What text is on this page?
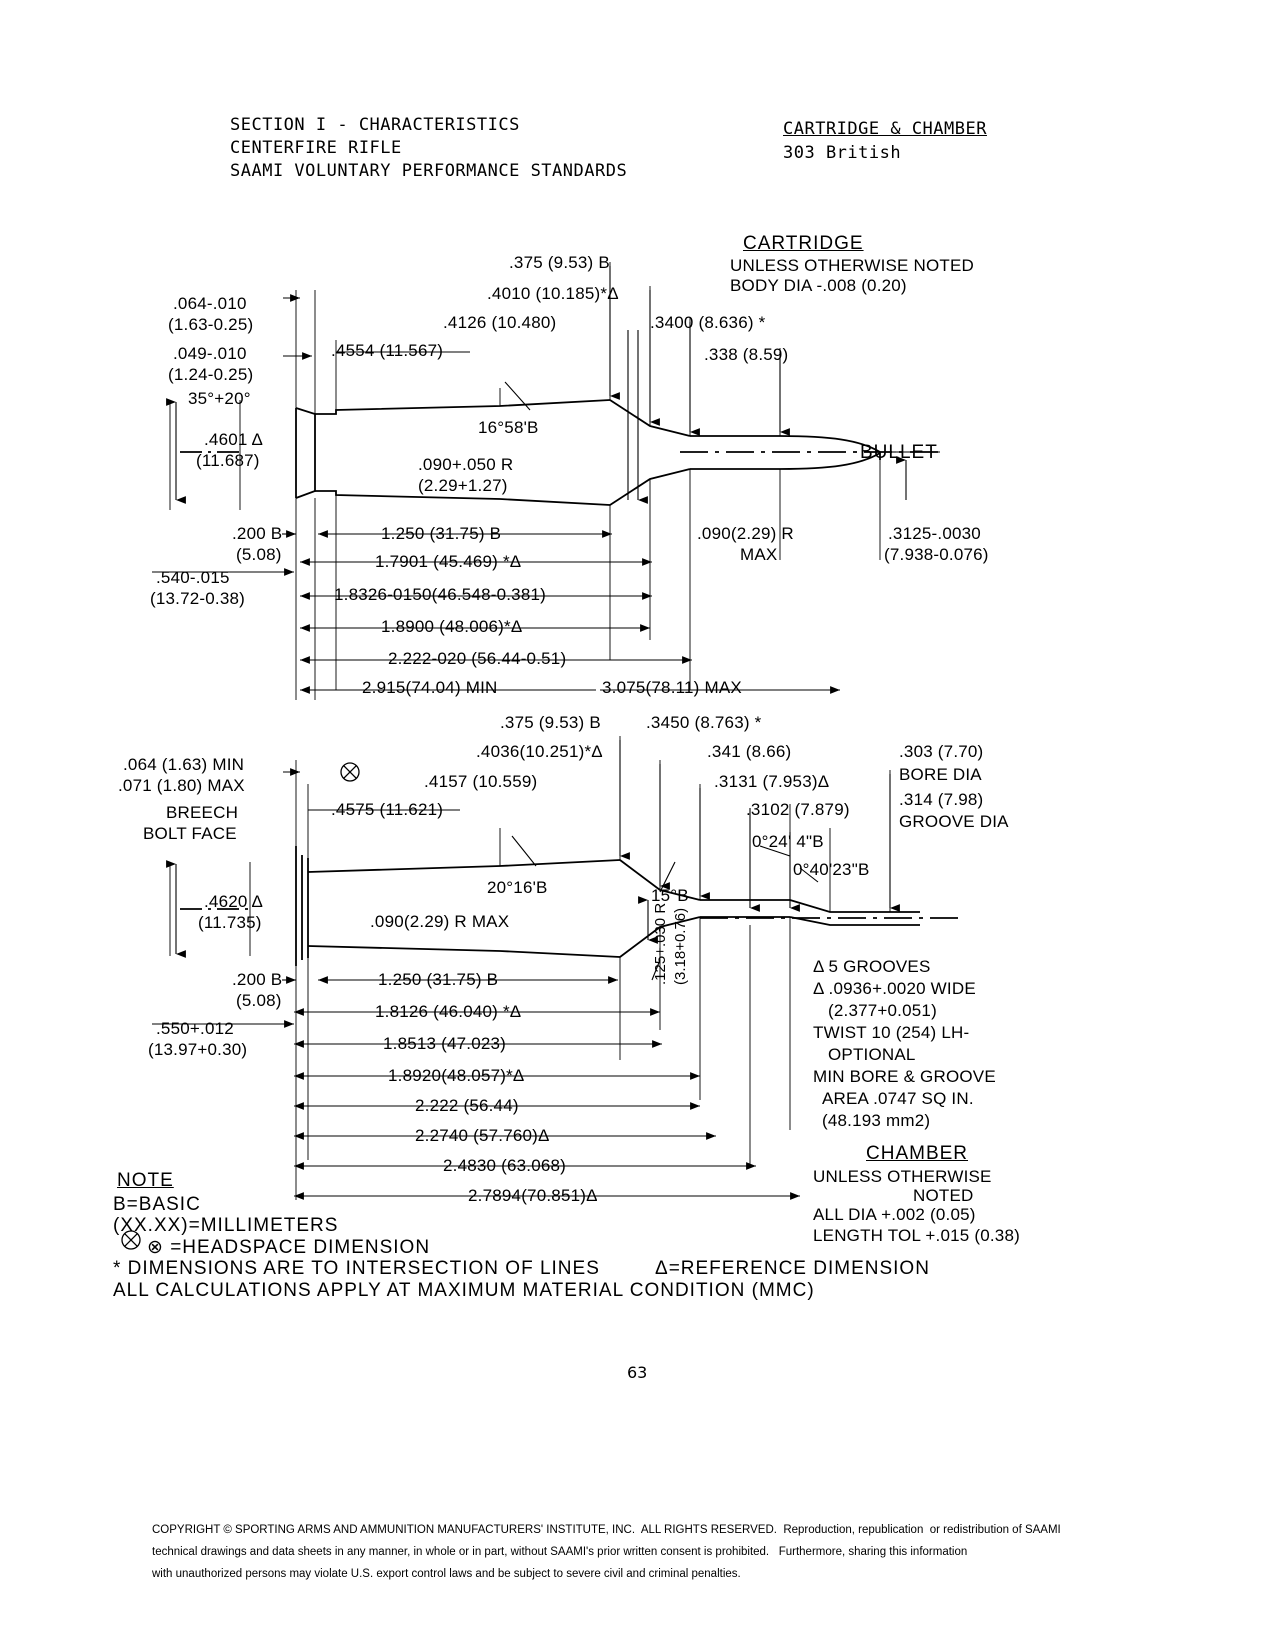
SECTION I - CHARACTERISTICS
CENTERFIRE RIFLE
SAAMI VOLUNTARY PERFORMANCE STANDARDS
CARTRIDGE & CHAMBER
303 British
CARTRIDGE
UNLESS OTHERWISE NOTED
BODY DIA -.008 (0.20)
.064-.010
(1.63-0.25)
.049-.010
(1.24-0.25)
35°+20°
.4601 Δ
(11.687)
.200 B
(5.08)
.540-.015
(13.72-0.38)
.4554 (11.567)
.4126 (10.480)
.4010 (10.185)*Δ
.375 (9.53) B
.3400 (8.636) *
.338 (8.59)
16°58'B
.090+.050 R
(2.29+1.27)
BULLET
1.250 (31.75) B
1.7901 (45.469) *Δ
1.8326-0150(46.548-0.381)
1.8900 (48.006)*Δ
2.222-020 (56.44-0.51)
2.915(74.04) MIN	3.075(78.11) MAX
.090(2.29) R
MAX
.3125-.0030
(7.938-0.076)
.064 (1.63) MIN
.071 (1.80) MAX
BREECH
BOLT FACE
.4620 Δ
(11.735)
.200 B
(5.08)
.550+.012
(13.97+0.30)
.4575 (11.621)
.4157 (10.559)
.4036(10.251)*Δ
.375 (9.53) B	.3450 (8.763) *
.341 (8.66)
.3131 (7.953)Δ
.3102 (7.879)
.303 (7.70)
BORE DIA
.314 (7.98)
GROOVE DIA
20°16'B
.090(2.29) R MAX
15°B
0°24' 4"B
0°40'23"B
1.250 (31.75) B
1.8126 (46.040) *Δ
1.8513 (47.023)
1.8920(48.057)*Δ
2.222 (56.44)
2.2740 (57.760)Δ
2.4830 (63.068)
2.7894(70.851)Δ
.125+.030 R (3.18+0.76)	Δ 5 GROOVES
Δ .0936+.0020 WIDE
(2.377+0.051)
TWIST 10 (254) LH-
OPTIONAL
MIN BORE & GROOVE
AREA .0747 SQ IN.
(48.193 mm2)
CHAMBER
UNLESS OTHERWISE
NOTED
ALL DIA +.002 (0.05)
LENGTH TOL +.015 (0.38)
NOTE
B=BASIC
(XX.XX)=MILLIMETERS
⊗ =HEADSPACE DIMENSION
* DIMENSIONS ARE TO INTERSECTION OF LINES	Δ=REFERENCE DIMENSION
ALL CALCULATIONS APPLY AT MAXIMUM MATERIAL CONDITION (MMC)
63
COPYRIGHT © SPORTING ARMS AND AMMUNITION MANUFACTURERS' INSTITUTE, INC.  ALL RIGHTS RESERVED.  Reproduction, republication  or redistribution of SAAMI
technical drawings and data sheets in any manner, in whole or in part, without SAAMI's prior written consent is prohibited.   Furthermore, sharing this information
with unauthorized persons may violate U.S. export control laws and be subject to severe civil and criminal penalties.
